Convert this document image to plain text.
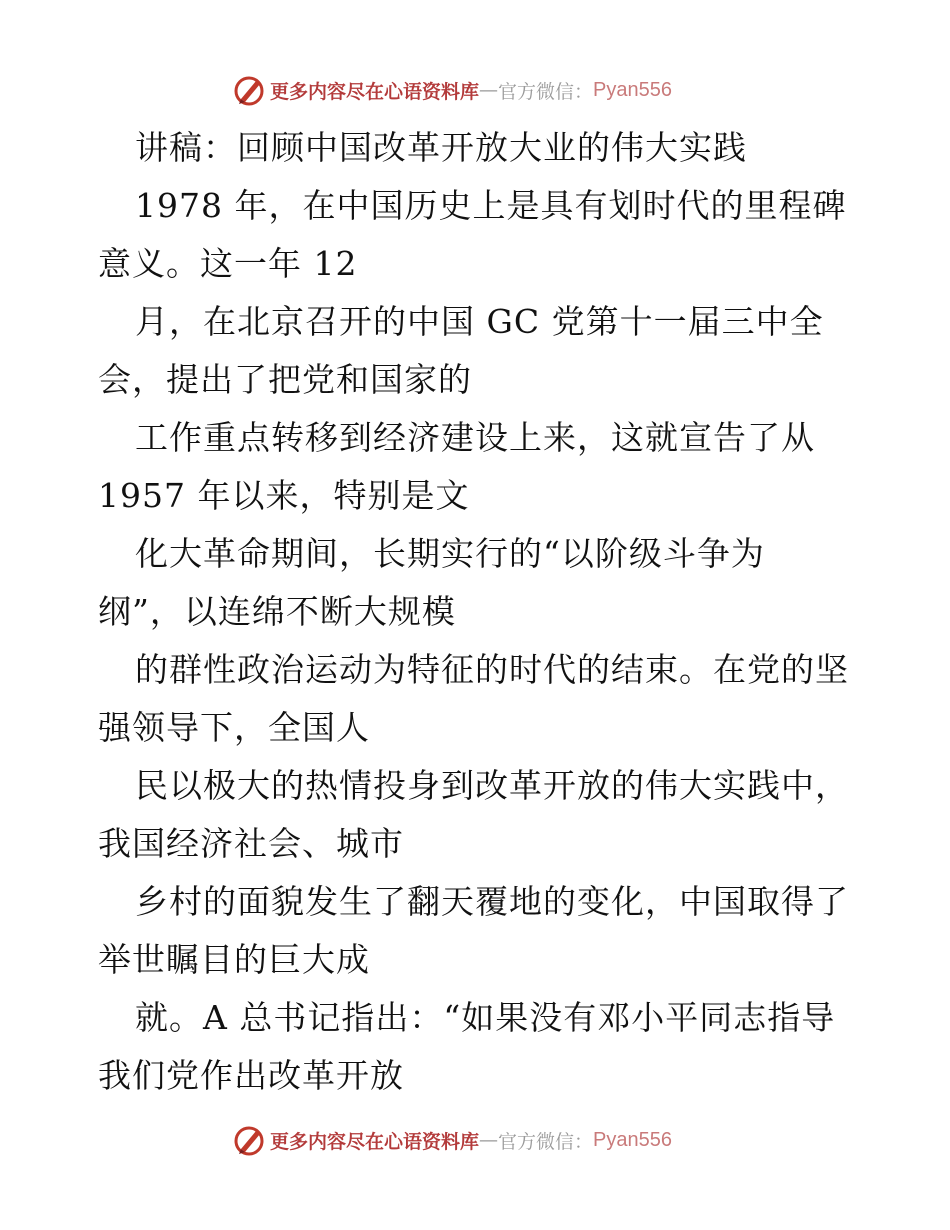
更多内容尽在心语资料库 — 官方微信： Pyan556
讲稿：回顾中国改革开放大业的伟大实践
1978 年，在中国历史上是具有划时代的里程碑
意义。这一年 12
月，在北京召开的中国 GC 党第十一届三中全
会，提出了把党和国家的
工作重点转移到经济建设上来，这就宣告了从
1957 年以来，特别是文
化大革命期间，长期实行的“以阶级斗争为
纲”，以连绵不断大规模
的群性政治运动为特征的时代的结束。在党的坚
强领导下，全国人
民以极大的热情投身到改革开放的伟大实践中，
我国经济社会、城市
乡村的面貌发生了翻天覆地的变化，中国取得了
举世瞩目的巨大成
就。A 总书记指出：“如果没有邓小平同志指导
我们党作出改革开放
更多内容尽在心语资料库 — 官方微信： Pyan556
